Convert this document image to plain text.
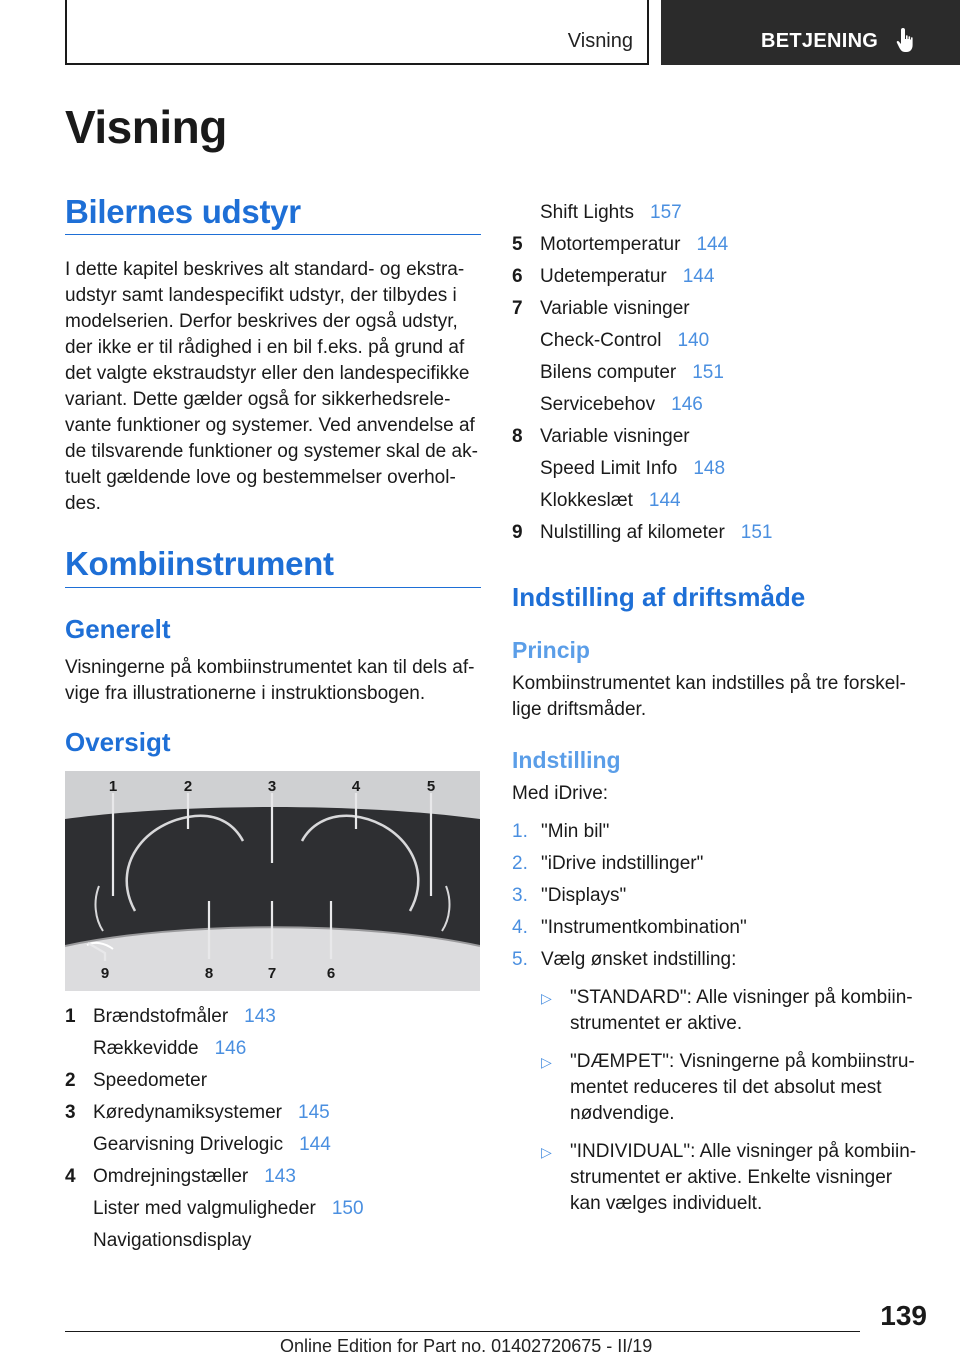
Visning	BETJENING
Visning
Bilernes udstyr
I dette kapitel beskrives alt standard- og ekstra-
udstyr samt landespecifikt udstyr, der tilbydes i
modelserien. Derfor beskrives der også udstyr,
der ikke er til rådighed i en bil f.eks. på grund af
det valgte ekstraudstyr eller den landespecifikke
variant. Dette gælder også for sikkerhedsrele-
vante funktioner og systemer. Ved anvendelse af
de tilsvarende funktioner og systemer skal de ak-
tuelt gældende love og bestemmelser overhol-
des.
Kombiinstrument
Generelt
Visningerne på kombiinstrumentet kan til dels af-
vige fra illustrationerne i instruktionsbogen.
Oversigt
1	2	3	4	5
9	8	7	6
1 Brændstofmåler 143
Rækkevidde 146
2 Speedometer
3 Køredynamiksystemer 145
Gearvisning Drivelogic 144
4 Omdrejningstæller 143
Lister med valgmuligheder 150
Navigationsdisplay
Shift Lights 157
5 Motortemperatur 144
6 Udetemperatur 144
7 Variable visninger
Check-Control 140
Bilens computer 151
Servicebehov 146
8 Variable visninger
Speed Limit Info 148
Klokkeslæt 144
9 Nulstilling af kilometer 151
Indstilling af driftsmåde
Princip
Kombiinstrumentet kan indstilles på tre forskel-
lige driftsmåder.
Indstilling
Med iDrive:
1. "Min bil"
2. "iDrive indstillinger"
3. "Displays"
4. "Instrumentkombination"
5. Vælg ønsket indstilling:
▷ "STANDARD": Alle visninger på kombiin-
strumentet er aktive.
▷ "DÆMPET": Visningerne på kombiinstru-
mentet reduceres til det absolut mest
nødvendige.
▷ "INDIVIDUAL": Alle visninger på kombiin-
strumentet er aktive. Enkelte visninger
kan vælges individuelt.
139
Online Edition for Part no. 01402720675 - II/19
